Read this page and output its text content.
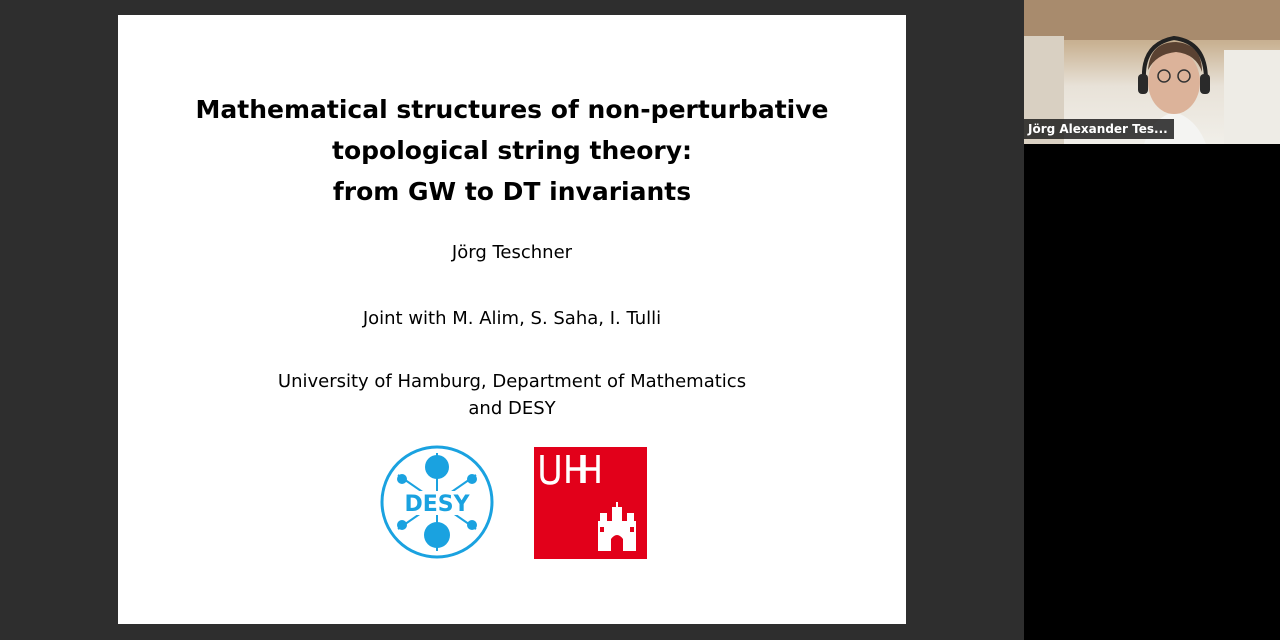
Mathematical structures of non-perturbative
topological string theory:
from GW to DT invariants
Jörg Teschner
Joint with M. Alim, S. Saha, I. Tulli
University of Hamburg, Department of Mathematics
and DESY
DESY
Jörg Alexander Tes...
